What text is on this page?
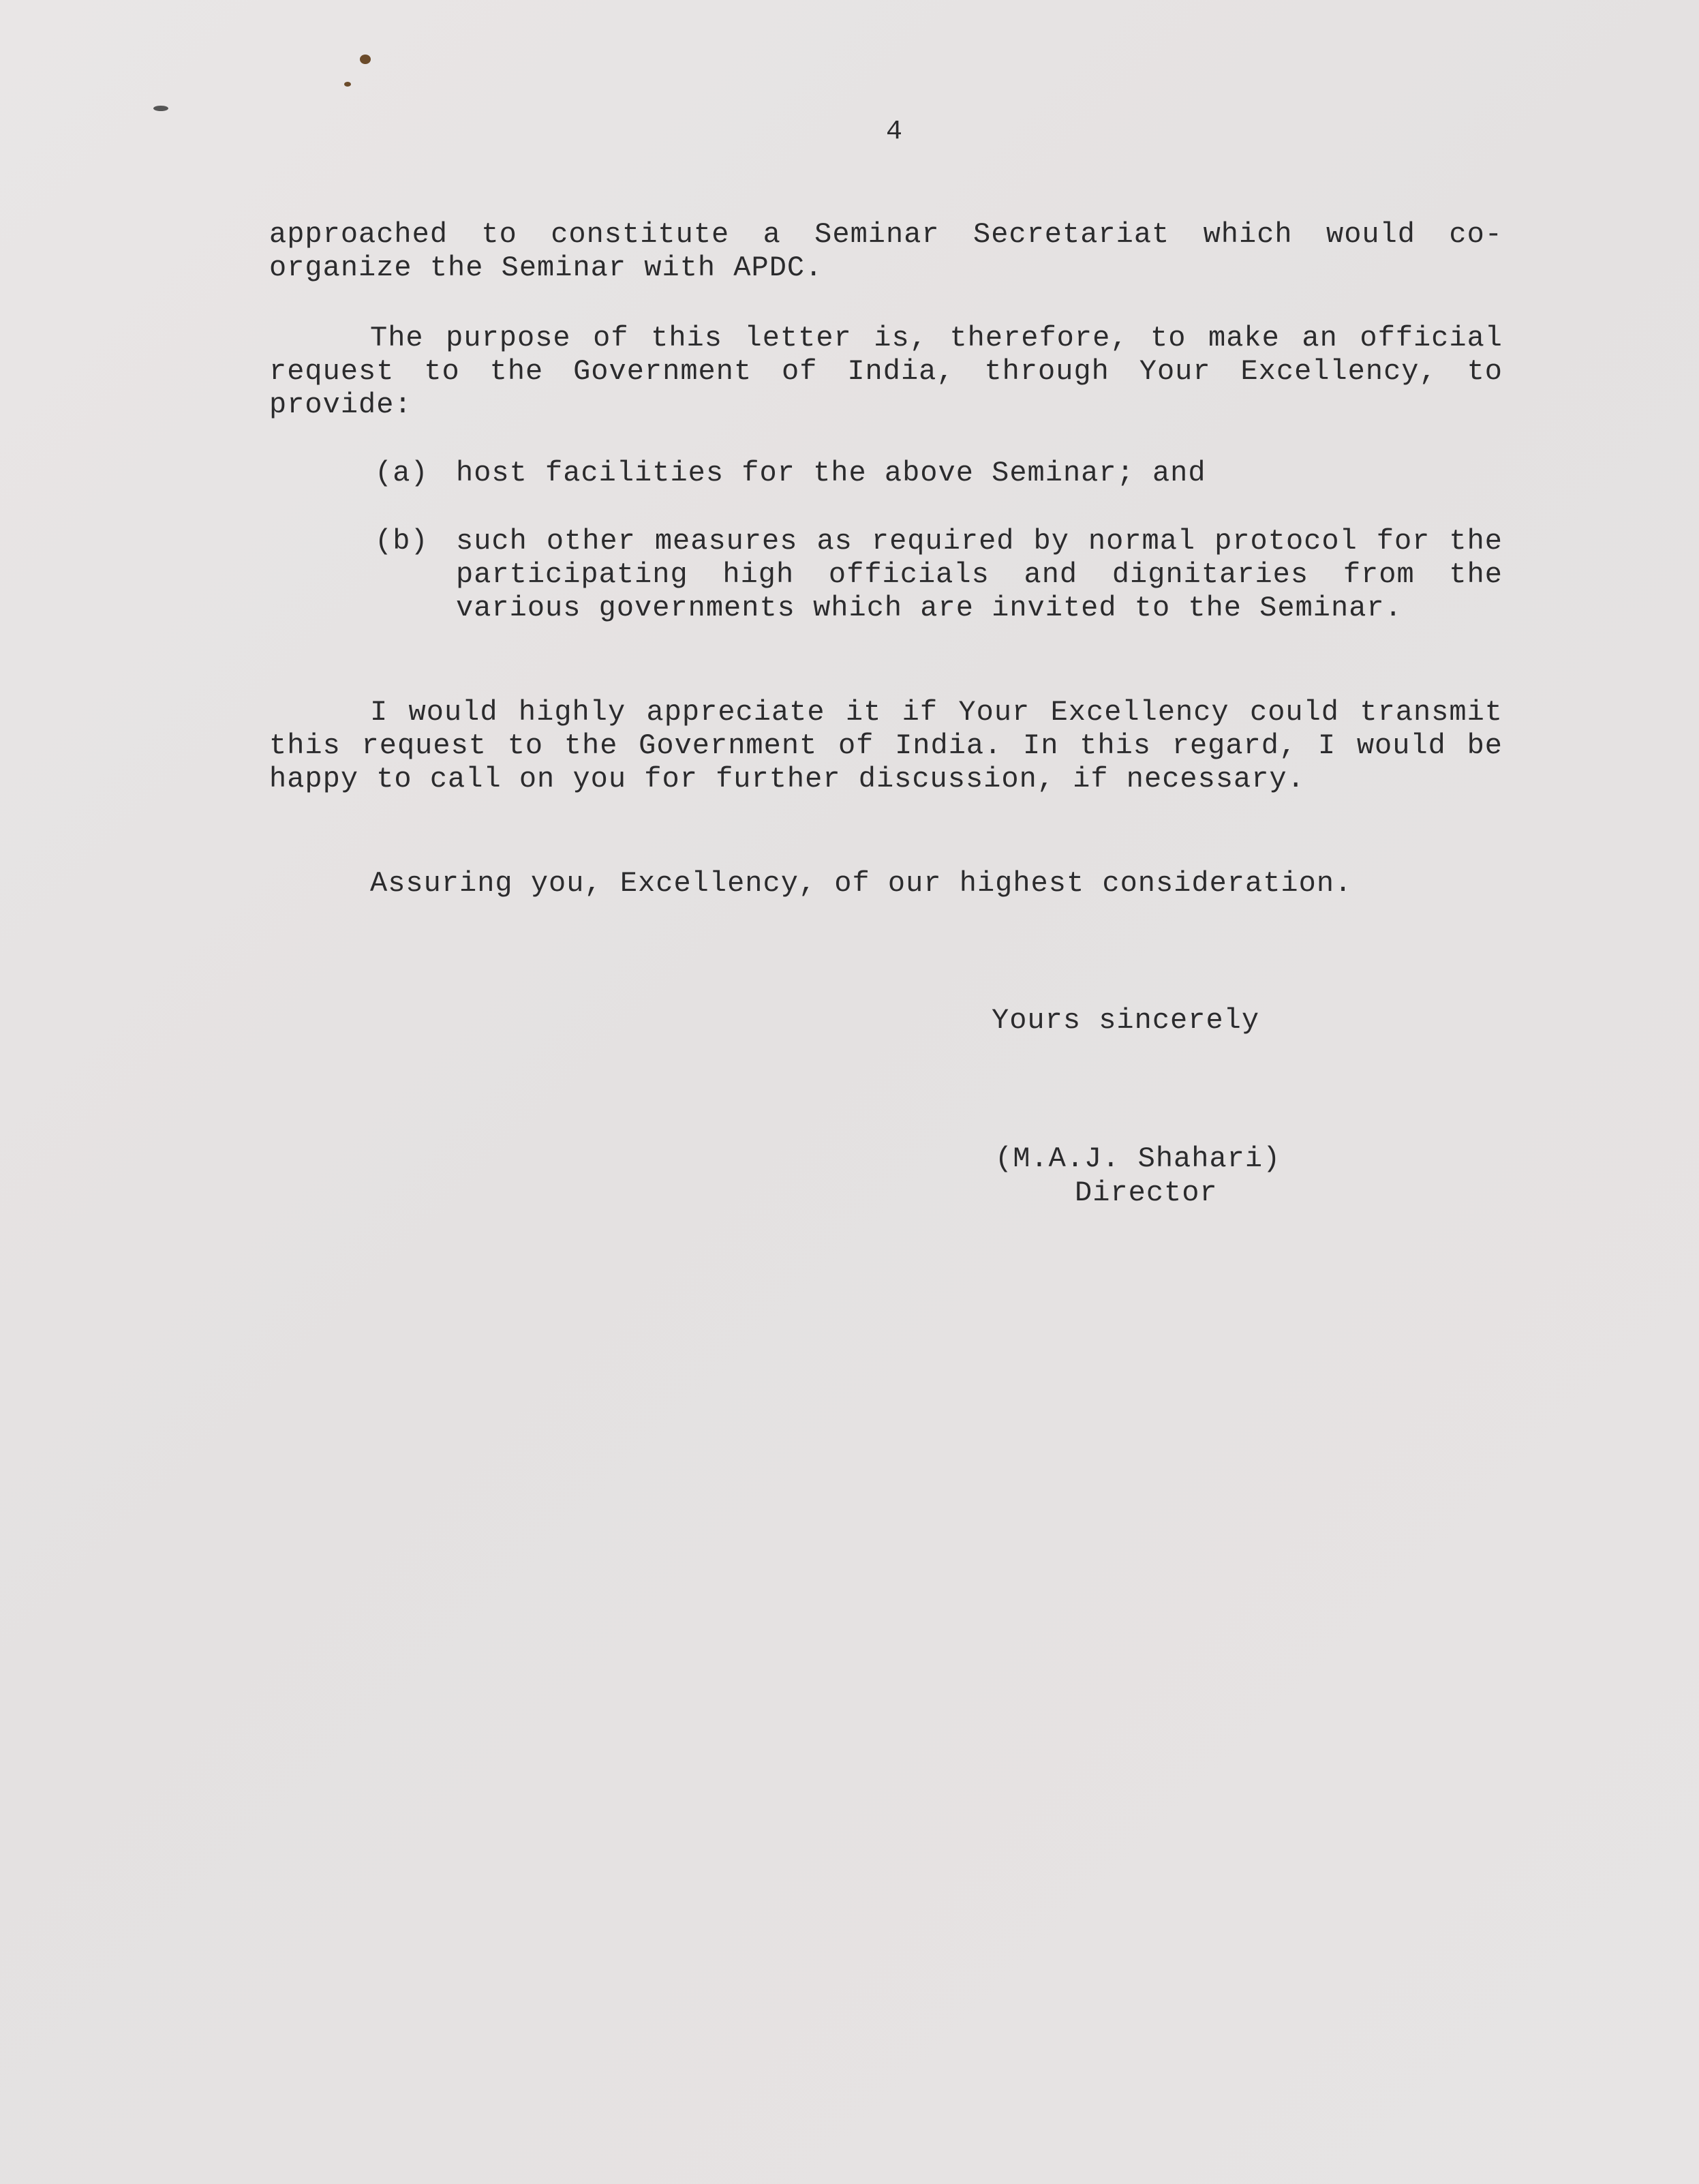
4

approached to constitute a Seminar Secretariat which would co-organize the Seminar with APDC.

The purpose of this letter is, therefore, to make an official request to the Government of India, through Your Excellency, to provide:

(a) host facilities for the above Seminar; and
(b) such other measures as required by normal protocol for the participating high officials and dignitaries from the various governments which are invited to the Seminar.

I would highly appreciate it if Your Excellency could transmit this request to the Government of India. In this regard, I would be happy to call on you for further discussion, if necessary.

Assuring you, Excellency, of our highest consideration.

Yours sincerely
(M.A.J. Shahari)
Director
